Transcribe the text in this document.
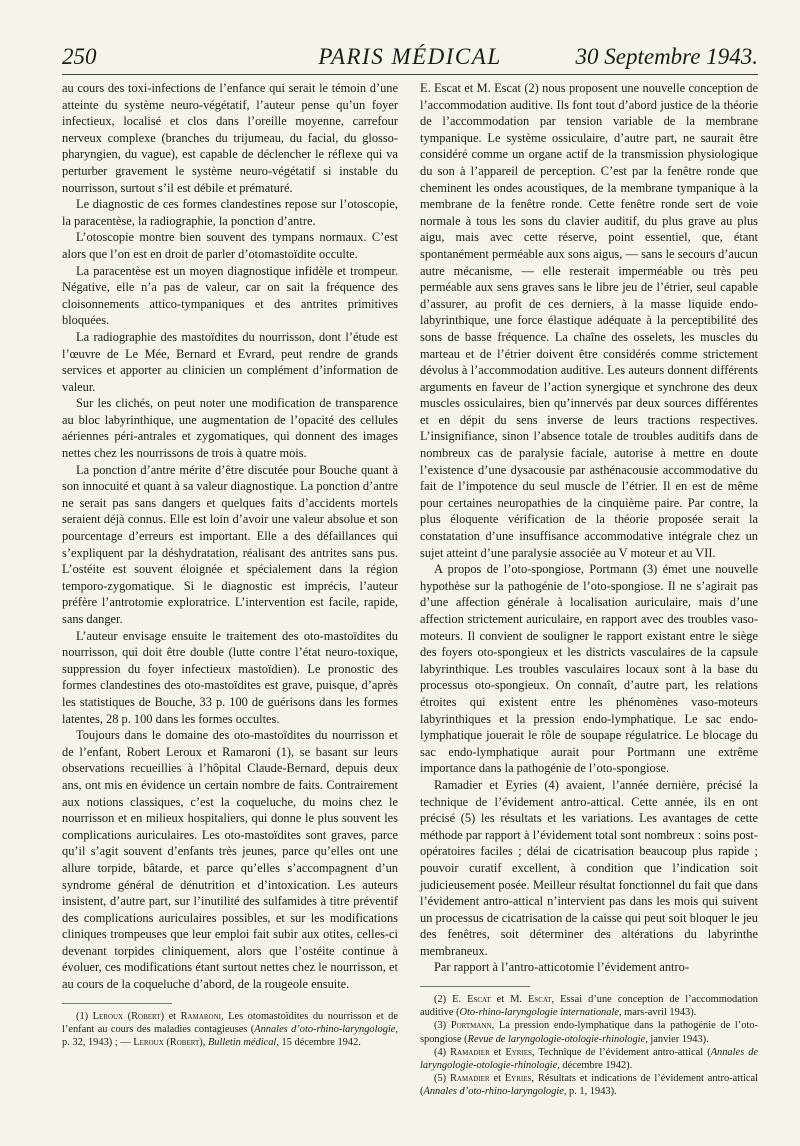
250	PARIS MÉDICAL	30 Septembre 1943.

au cours des toxi-infections de l’enfance qui serait le témoin d’une atteinte du système neuro-végétatif, l’auteur pense qu’un foyer infectieux, localisé et clos dans l’oreille moyenne, carrefour nerveux complexe (branches du trijumeau, du facial, du glosso-pharyngien, du vague), est capable de déclencher le réflexe qui va perturber gravement le système neuro-végétatif si instable du nourrisson, surtout s’il est débile et prématuré.

Le diagnostic de ces formes clandestines repose sur l’otoscopie, la paracentèse, la radiographie, la ponction d’antre.

L’otoscopie montre bien souvent des tympans normaux. C’est alors que l’on est en droit de parler d’otomastoïdite occulte.

La paracentèse est un moyen diagnostique infidèle et trompeur. Négative, elle n’a pas de valeur, car on sait la fréquence des cloisonnements attico-tympaniques et des antrites primitives bloquées.

La radiographie des mastoïdites du nourrisson, dont l’étude est l’œuvre de Le Mée, Bernard et Evrard, peut rendre de grands services et apporter au clinicien un complément d’information de valeur.

Sur les clichés, on peut noter une modification de transparence au bloc labyrinthique, une augmentation de l’opacité des cellules aériennes péri-antrales et zygomatiques, qui donnent des images nettes chez les nourrissons de trois à quatre mois.

La ponction d’antre mérite d’être discutée pour Bouche quant à son innocuité et quant à sa valeur diagnostique. La ponction d’antre ne serait pas sans dangers et quelques faits d’accidents mortels seraient déjà connus. Elle est loin d’avoir une valeur absolue et son pourcentage d’erreurs est important. Elle a des défaillances qui s’expliquent par la déshydratation, réalisant des antrites sans pus. L’ostéite est souvent éloignée et spécialement dans la région temporo-zygomatique. Si le diagnostic est imprécis, l’auteur préfère l’antrotomie exploratrice. L’intervention est facile, rapide, sans danger.

L’auteur envisage ensuite le traitement des oto-mastoïdites du nourrisson, qui doit être double (lutte contre l’état neuro-toxique, suppression du foyer infectieux mastoïdien). Le pronostic des formes clandestines des oto-mastoïdites est grave, puisque, d’après les statistiques de Bouche, 33 p. 100 de guérisons dans les formes latentes, 28 p. 100 dans les formes occultes.

Toujours dans le domaine des oto-mastoïdites du nourrisson et de l’enfant, Robert Leroux et Ramaroni (1), se basant sur leurs observations recueillies à l’hôpital Claude-Bernard, depuis deux ans, ont mis en évidence un certain nombre de faits. Contrairement aux notions classiques, c’est la coqueluche, du moins chez le nourrisson et en milieux hospitaliers, qui donne le plus souvent les complications auriculaires. Les oto-mastoïdites sont graves, parce qu’il s’agit souvent d’enfants très jeunes, parce qu’elles ont une allure torpide, bâtarde, et parce qu’elles s’accompagnent d’un syndrome général de dénutrition et d’intoxication. Les auteurs insistent, d’autre part, sur l’inutilité des sulfamides à titre préventif des complications auriculaires possibles, et sur les modifications cliniques trompeuses que leur emploi fait subir aux otites, celles-ci devenant torpides cliniquement, alors que l’ostéite continue à évoluer, ces modifications étant surtout nettes chez le nourrisson, et au cours de la coqueluche d’abord, de la rougeole ensuite.

(1) Leroux (Robert) et Ramaroni, Les otomastoïdites du nourrisson et de l’enfant au cours des maladies contagieuses (Annales d’oto-rhino-laryngologie, p. 32, 1943) ; — Leroux (Robert), Bulletin médical, 15 décembre 1942.

E. Escat et M. Escat (2) nous proposent une nouvelle conception de l’accommodation auditive. Ils font tout d’abord justice de la théorie de l’accommodation par tension variable de la membrane tympanique. Le système ossiculaire, d’autre part, ne saurait être considéré comme un organe actif de la transmission physiologique du son à l’appareil de perception. C’est par la fenêtre ronde que cheminent les ondes acoustiques, de la membrane tympanique à la membrane de la fenêtre ronde. Cette fenêtre ronde sert de voie normale à tous les sons du clavier auditif, du plus grave au plus aigu, mais avec cette réserve, point essentiel, que, étant spontanément perméable aux sons aigus, — sans le secours d’aucun autre mécanisme, — elle resterait imperméable ou très peu perméable aux sens graves sans le libre jeu de l’étrier, seul capable d’assurer, au profit de ces derniers, à la masse liquide endo-labyrinthique, une force élastique adéquate à la perceptibilité des sons de basse fréquence. La chaîne des osselets, les muscles du marteau et de l’étrier doivent être considérés comme strictement dévolus à l’accommodation auditive. Les auteurs donnent différents arguments en faveur de l’action synergique et synchrone des deux muscles ossiculaires, bien qu’innervés par deux sources différentes et en dépit du sens inverse de leurs tractions respectives. L’insignifiance, sinon l’absence totale de troubles auditifs dans de nombreux cas de paralysie faciale, autorise à mettre en doute l’existence d’une dysacousie par asthénacousie accommodative du fait de l’impotence du seul muscle de l’étrier. Il en est de même pour certaines neuropathies de la cinquième paire. Par contre, la plus éloquente vérification de la théorie proposée serait la constatation d’une insuffisance accommodative intégrale chez un sujet atteint d’une paralysie associée au V moteur et au VII.

A propos de l’oto-spongiose, Portmann (3) émet une nouvelle hypothèse sur la pathogénie de l’oto-spongiose. Il ne s’agirait pas d’une affection générale à localisation auriculaire, mais d’une affection strictement auriculaire, en rapport avec des troubles vaso-moteurs. Il convient de souligner le rapport existant entre le siège des foyers oto-spongieux et les districts vasculaires de la capsule labyrinthique. Les troubles vasculaires locaux sont à la base du processus oto-spongieux. On connaît, d’autre part, les relations étroites qui existent entre les phénomènes vaso-moteurs labyrinthiques et la pression endo-lymphatique. Le sac endo-lymphatique jouerait le rôle de soupape régulatrice. Le blocage du sac endo-lymphatique aurait pour Portmann une extrême importance dans la pathogénie de l’oto-spongiose.

Ramadier et Eyries (4) avaient, l’année dernière, précisé la technique de l’évidement antro-attical. Cette année, ils en ont précisé (5) les résultats et les variations. Les avantages de cette méthode par rapport à l’évidement total sont nombreux : soins post-opératoires faciles ; délai de cicatrisation beaucoup plus rapide ; pouvoir curatif excellent, à condition que l’indication soit judicieusement posée. Meilleur résultat fonctionnel du fait que dans l’évidement antro-attical n’intervient pas dans les mois qui suivent un processus de cicatrisation de la caisse qui peut soit bloquer le jeu des fenêtres, soit déterminer des altérations du labyrinthe membraneux.

Par rapport à l’antro-atticotomie l’évidement antro-

(2) E. Escat et M. Escat, Essai d’une conception de l’accommodation auditive (Oto-rhino-laryngologie internationale, mars-avril 1943).

(3) Portmann, La pression endo-lymphatique dans la pathogénie de l’oto-spongiose (Revue de laryngologie-otologie-rhinologie, janvier 1943).

(4) Ramadier et Eyries, Technique de l’évidement antro-attical (Annales de laryngologie-otologie-rhinologie, décembre 1942).

(5) Ramadier et Eyries, Résultats et indications de l’évidement antro-attical (Annales d’oto-rhino-laryngologie, p. 1, 1943).
